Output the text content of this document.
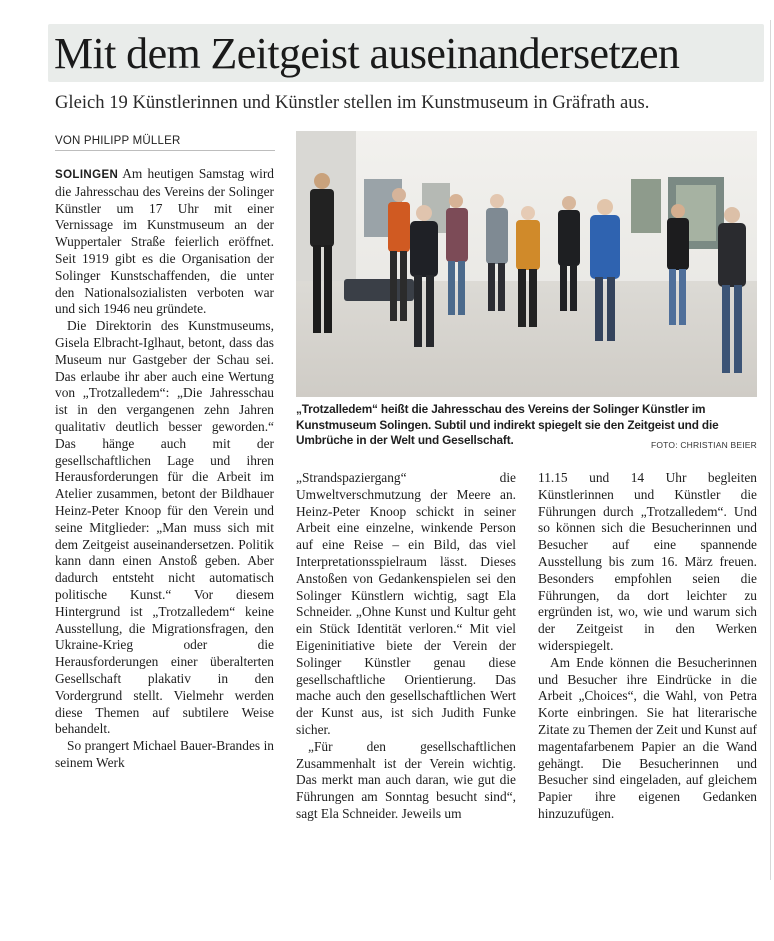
Mit dem Zeitgeist auseinandersetzen
Gleich 19 Künstlerinnen und Künstler stellen im Kunstmuseum in Gräfrath aus.
VON PHILIPP MÜLLER

SOLINGEN Am heutigen Samstag wird die Jahresschau des Vereins der Solinger Künstler um 17 Uhr mit einer Vernissage im Kunstmuseum an der Wuppertaler Straße feierlich eröffnet. Seit 1919 gibt es die Organisation der Solinger Kunstschaffenden, die unter den Nationalsozialisten verboten war und sich 1946 neu gründete.

Die Direktorin des Kunstmuseums, Gisela Elbracht-Iglhaut, betont, dass das Museum nur Gastgeber der Schau sei. Das erlaube ihr aber auch eine Wertung von „Trotzalledem“: „Die Jahresschau ist in den vergangenen zehn Jahren qualitativ deutlich besser geworden.“ Das hänge auch mit der gesellschaftlichen Lage und ihren Herausforderungen für die Arbeit im Atelier zusammen, betont der Bildhauer Heinz-Peter Knoop für den Verein und seine Mitglieder: „Man muss sich mit dem Zeitgeist auseinandersetzen. Politik kann dann einen Anstoß geben. Aber dadurch entsteht nicht automatisch politische Kunst.“ Vor diesem Hintergrund ist „Trotzalledem“ keine Ausstellung, die Migrationsfragen, den Ukraine-Krieg oder die Herausforderungen einer überalterten Gesellschaft plakativ in den Vordergrund stellt. Vielmehr werden diese Themen auf subtilere Weise behandelt.

So prangert Michael Bauer-Brandes in seinem Werk

„Trotzalledem“ heißt die Jahresschau des Vereins der Solinger Künstler im Kunstmuseum Solingen. Subtil und indirekt spiegelt sie den Zeitgeist und die Umbrüche in der Welt und Gesellschaft.	FOTO: CHRISTIAN BEIER

„Strandspaziergang“ die Umweltverschmutzung der Meere an. Heinz-Peter Knoop schickt in seiner Arbeit eine einzelne, winkende Person auf eine Reise – ein Bild, das viel Interpretationsspielraum lässt. Dieses Anstoßen von Gedankenspielen sei den Solinger Künstlern wichtig, sagt Ela Schneider. „Ohne Kunst und Kultur geht ein Stück Identität verloren.“ Mit viel Eigeninitiative biete der Verein der Solinger Künstler genau diese gesellschaftliche Orientierung. Das mache auch den gesellschaftlichen Wert der Kunst aus, ist sich Judith Funke sicher.

„Für den gesellschaftlichen Zusammenhalt ist der Verein wichtig. Das merkt man auch daran, wie gut die Führungen am Sonntag besucht sind“, sagt Ela Schneider. Jeweils um

11.15 und 14 Uhr begleiten Künstlerinnen und Künstler die Führungen durch „Trotzalledem“. Und so können sich die Besucherinnen und Besucher auf eine spannende Ausstellung bis zum 16. März freuen. Besonders empfohlen seien die Führungen, da dort leichter zu ergründen ist, wo, wie und warum sich der Zeitgeist in den Werken widerspiegelt.

Am Ende können die Besucherinnen und Besucher ihre Eindrücke in die Arbeit „Choices“, die Wahl, von Petra Korte einbringen. Sie hat literarische Zitate zu Themen der Zeit und Kunst auf magentafarbenem Papier an die Wand gehängt. Die Besucherinnen und Besucher sind eingeladen, auf gleichem Papier ihre eigenen Gedanken hinzuzufügen.
